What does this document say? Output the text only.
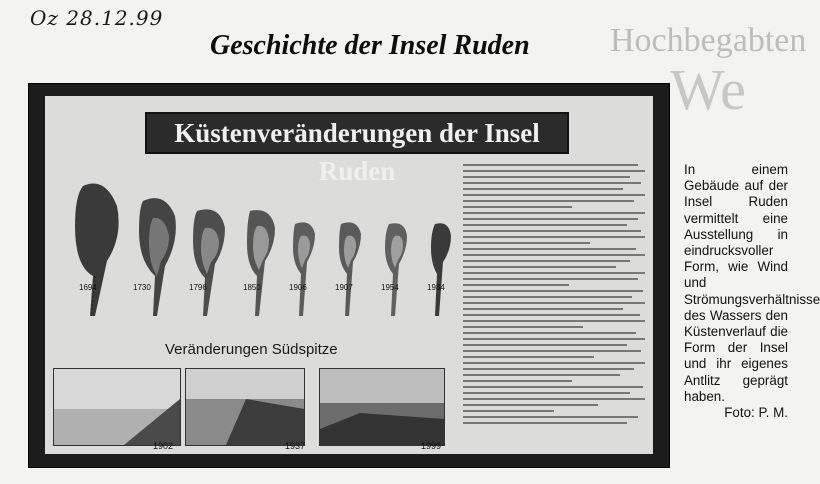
Oz 28.12.99
Geschichte der Insel Ruden Hochbegabten
We
Küstenveränderungen der Insel Ruden
1694	1730	1796	1850	1906	1907	1954	1984
Veränderungen Südspitze
1902	1937	1999

In einem Gebäude auf der Insel Ruden vermittelt eine Ausstellung in eindrucksvoller Form, wie Wind und Strömungsverhältnisse des Wassers den Küstenverlauf die Form der Insel und ihr eigenes Antlitz geprägt haben.

Foto: P. M.
